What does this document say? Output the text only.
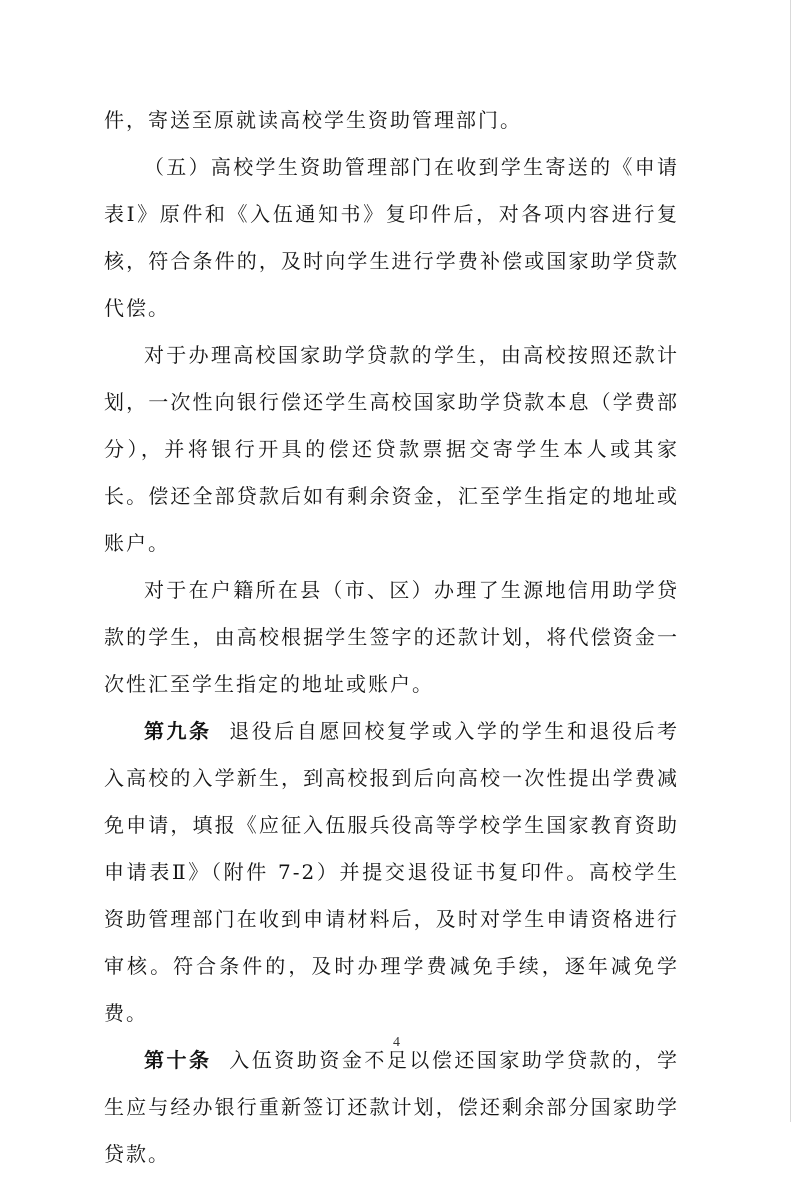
件，寄送至原就读高校学生资助管理部门。

（五）高校学生资助管理部门在收到学生寄送的《申请表Ⅰ》原件和《入伍通知书》复印件后，对各项内容进行复核，符合条件的，及时向学生进行学费补偿或国家助学贷款代偿。

对于办理高校国家助学贷款的学生，由高校按照还款计划，一次性向银行偿还学生高校国家助学贷款本息（学费部分），并将银行开具的偿还贷款票据交寄学生本人或其家长。偿还全部贷款后如有剩余资金，汇至学生指定的地址或账户。

对于在户籍所在县（市、区）办理了生源地信用助学贷款的学生，由高校根据学生签字的还款计划，将代偿资金一次性汇至学生指定的地址或账户。

第九条  退役后自愿回校复学或入学的学生和退役后考入高校的入学新生，到高校报到后向高校一次性提出学费减免申请，填报《应征入伍服兵役高等学校学生国家教育资助申请表Ⅱ》（附件 7-2）并提交退役证书复印件。高校学生资助管理部门在收到申请材料后，及时对学生申请资格进行审核。符合条件的，及时办理学费减免手续，逐年减免学费。

第十条  入伍资助资金不足以偿还国家助学贷款的，学生应与经办银行重新签订还款计划，偿还剩余部分国家助学贷款。

4
